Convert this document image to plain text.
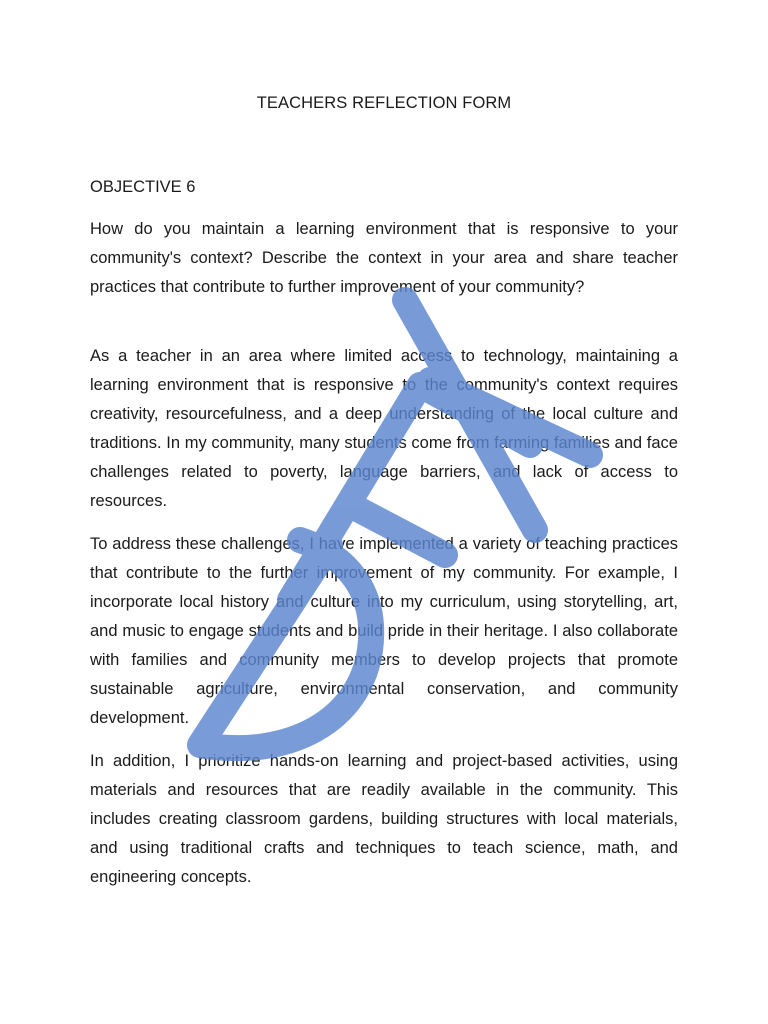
TEACHERS REFLECTION FORM
OBJECTIVE 6

How do you maintain a learning environment that is responsive to your community's context? Describe the context in your area and share teacher practices that contribute to further improvement of your community?

As a teacher in an area where limited access to technology, maintaining a learning environment that is responsive to the community's context requires creativity, resourcefulness, and a deep understanding of the local culture and traditions. In my community, many students come from farming families and face challenges related to poverty, language barriers, and lack of access to resources.

To address these challenges, I have implemented a variety of teaching practices that contribute to the further improvement of my community. For example, I incorporate local history and culture into my curriculum, using storytelling, art, and music to engage students and build pride in their heritage. I also collaborate with families and community members to develop projects that promote sustainable agriculture, environmental conservation, and community development.

In addition, I prioritize hands-on learning and project-based activities, using materials and resources that are readily available in the community. This includes creating classroom gardens, building structures with local materials, and using traditional crafts and techniques to teach science, math, and engineering concepts.
